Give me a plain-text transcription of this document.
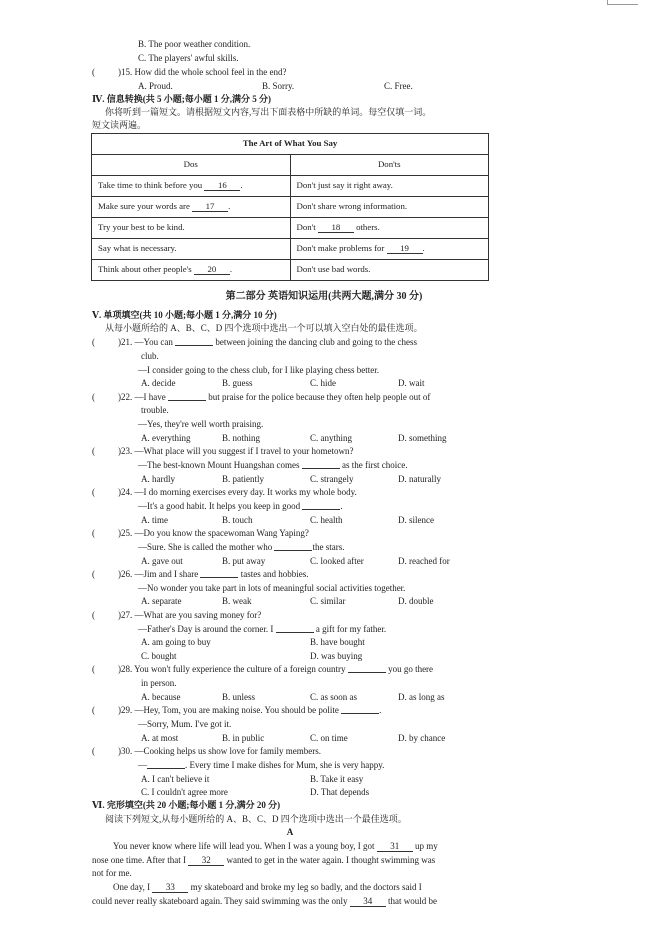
B. The poor weather condition.
C. The players' awful skills.
(	)15. How did the whole school feel in the end?
A. Proud.	B. Sorry.	C. Free.
Ⅳ. 信息转换(共 5 小题;每小题 1 分,满分 5 分)
你将听到一篇短文。请根据短文内容,写出下面表格中所缺的单词。每空仅填一词。
短文读两遍。
The Art of What You Say	
Dos	Don'ts
Take time to think before you 16 .	Don't just say it right away.
Make sure your words are 17 .	Don't share wrong information.
Try your best to be kind.	Don't 18 others.
Say what is necessary.	Don't make problems for 19 .
Think about other people's 20 .	Don't use bad words.
第二部分 英语知识运用(共两大题,满分 30 分)
Ⅴ. 单项填空(共 10 小题;每小题 1 分,满分 10 分)
从每小题所给的 A、B、C、D 四个选项中选出一个可以填入空白处的最佳选项。
(	)21. —You can	between joining the dancing club and going to the chess
club.
—I consider going to the chess club, for I like playing chess better.
A. decide	B. guess	C. hide	D. wait
(	)22. —I have	but praise for the police because they often help people out of
trouble.
—Yes, they're well worth praising.
A. everything	B. nothing	C. anything	D. something
(	)23. —What place will you suggest if I travel to your hometown?
—The best-known Mount Huangshan comes	as the first choice.
A. hardly	B. patiently	C. strangely	D. naturally
(	)24. —I do morning exercises every day. It works my whole body.
—It's a good habit. It helps you keep in good	.
A. time	B. touch	C. health	D. silence
(	)25. —Do you know the spacewoman Wang Yaping?
—Sure. She is called the mother who	the stars.
A. gave out	B. put away	C. looked after	D. reached for
(	)26. —Jim and I share	tastes and hobbies.
—No wonder you take part in lots of meaningful social activities together.
A. separate	B. weak	C. similar	D. double
(	)27. —What are you saving money for?
—Father's Day is around the corner. I	a gift for my father.
A. am going to buy	B. have bought
C. bought	D. was buying
(	)28. You won't fully experience the culture of a foreign country	you go there
in person.
A. because	B. unless	C. as soon as	D. as long as
(	)29. —Hey, Tom, you are making noise. You should be polite	.
—Sorry, Mum. I've got it.
A. at most	B. in public	C. on time	D. by chance
(	)30. —Cooking helps us show love for family members.
—	. Every time I make dishes for Mum, she is very happy.
A. I can't believe it	B. Take it easy
C. I couldn't agree more	D. That depends
Ⅵ. 完形填空(共 20 小题;每小题 1 分,满分 20 分)
阅读下列短文,从每小题所给的 A、B、C、D 四个选项中选出一个最佳选项。
A
You never know where life will lead you. When I was a young boy, I got 31 up my
nose one time. After that I 32 wanted to get in the water again. I thought swimming was
not for me.
One day, I 33 my skateboard and broke my leg so badly, and the doctors said I
could never really skateboard again. They said swimming was the only 34 that would be
